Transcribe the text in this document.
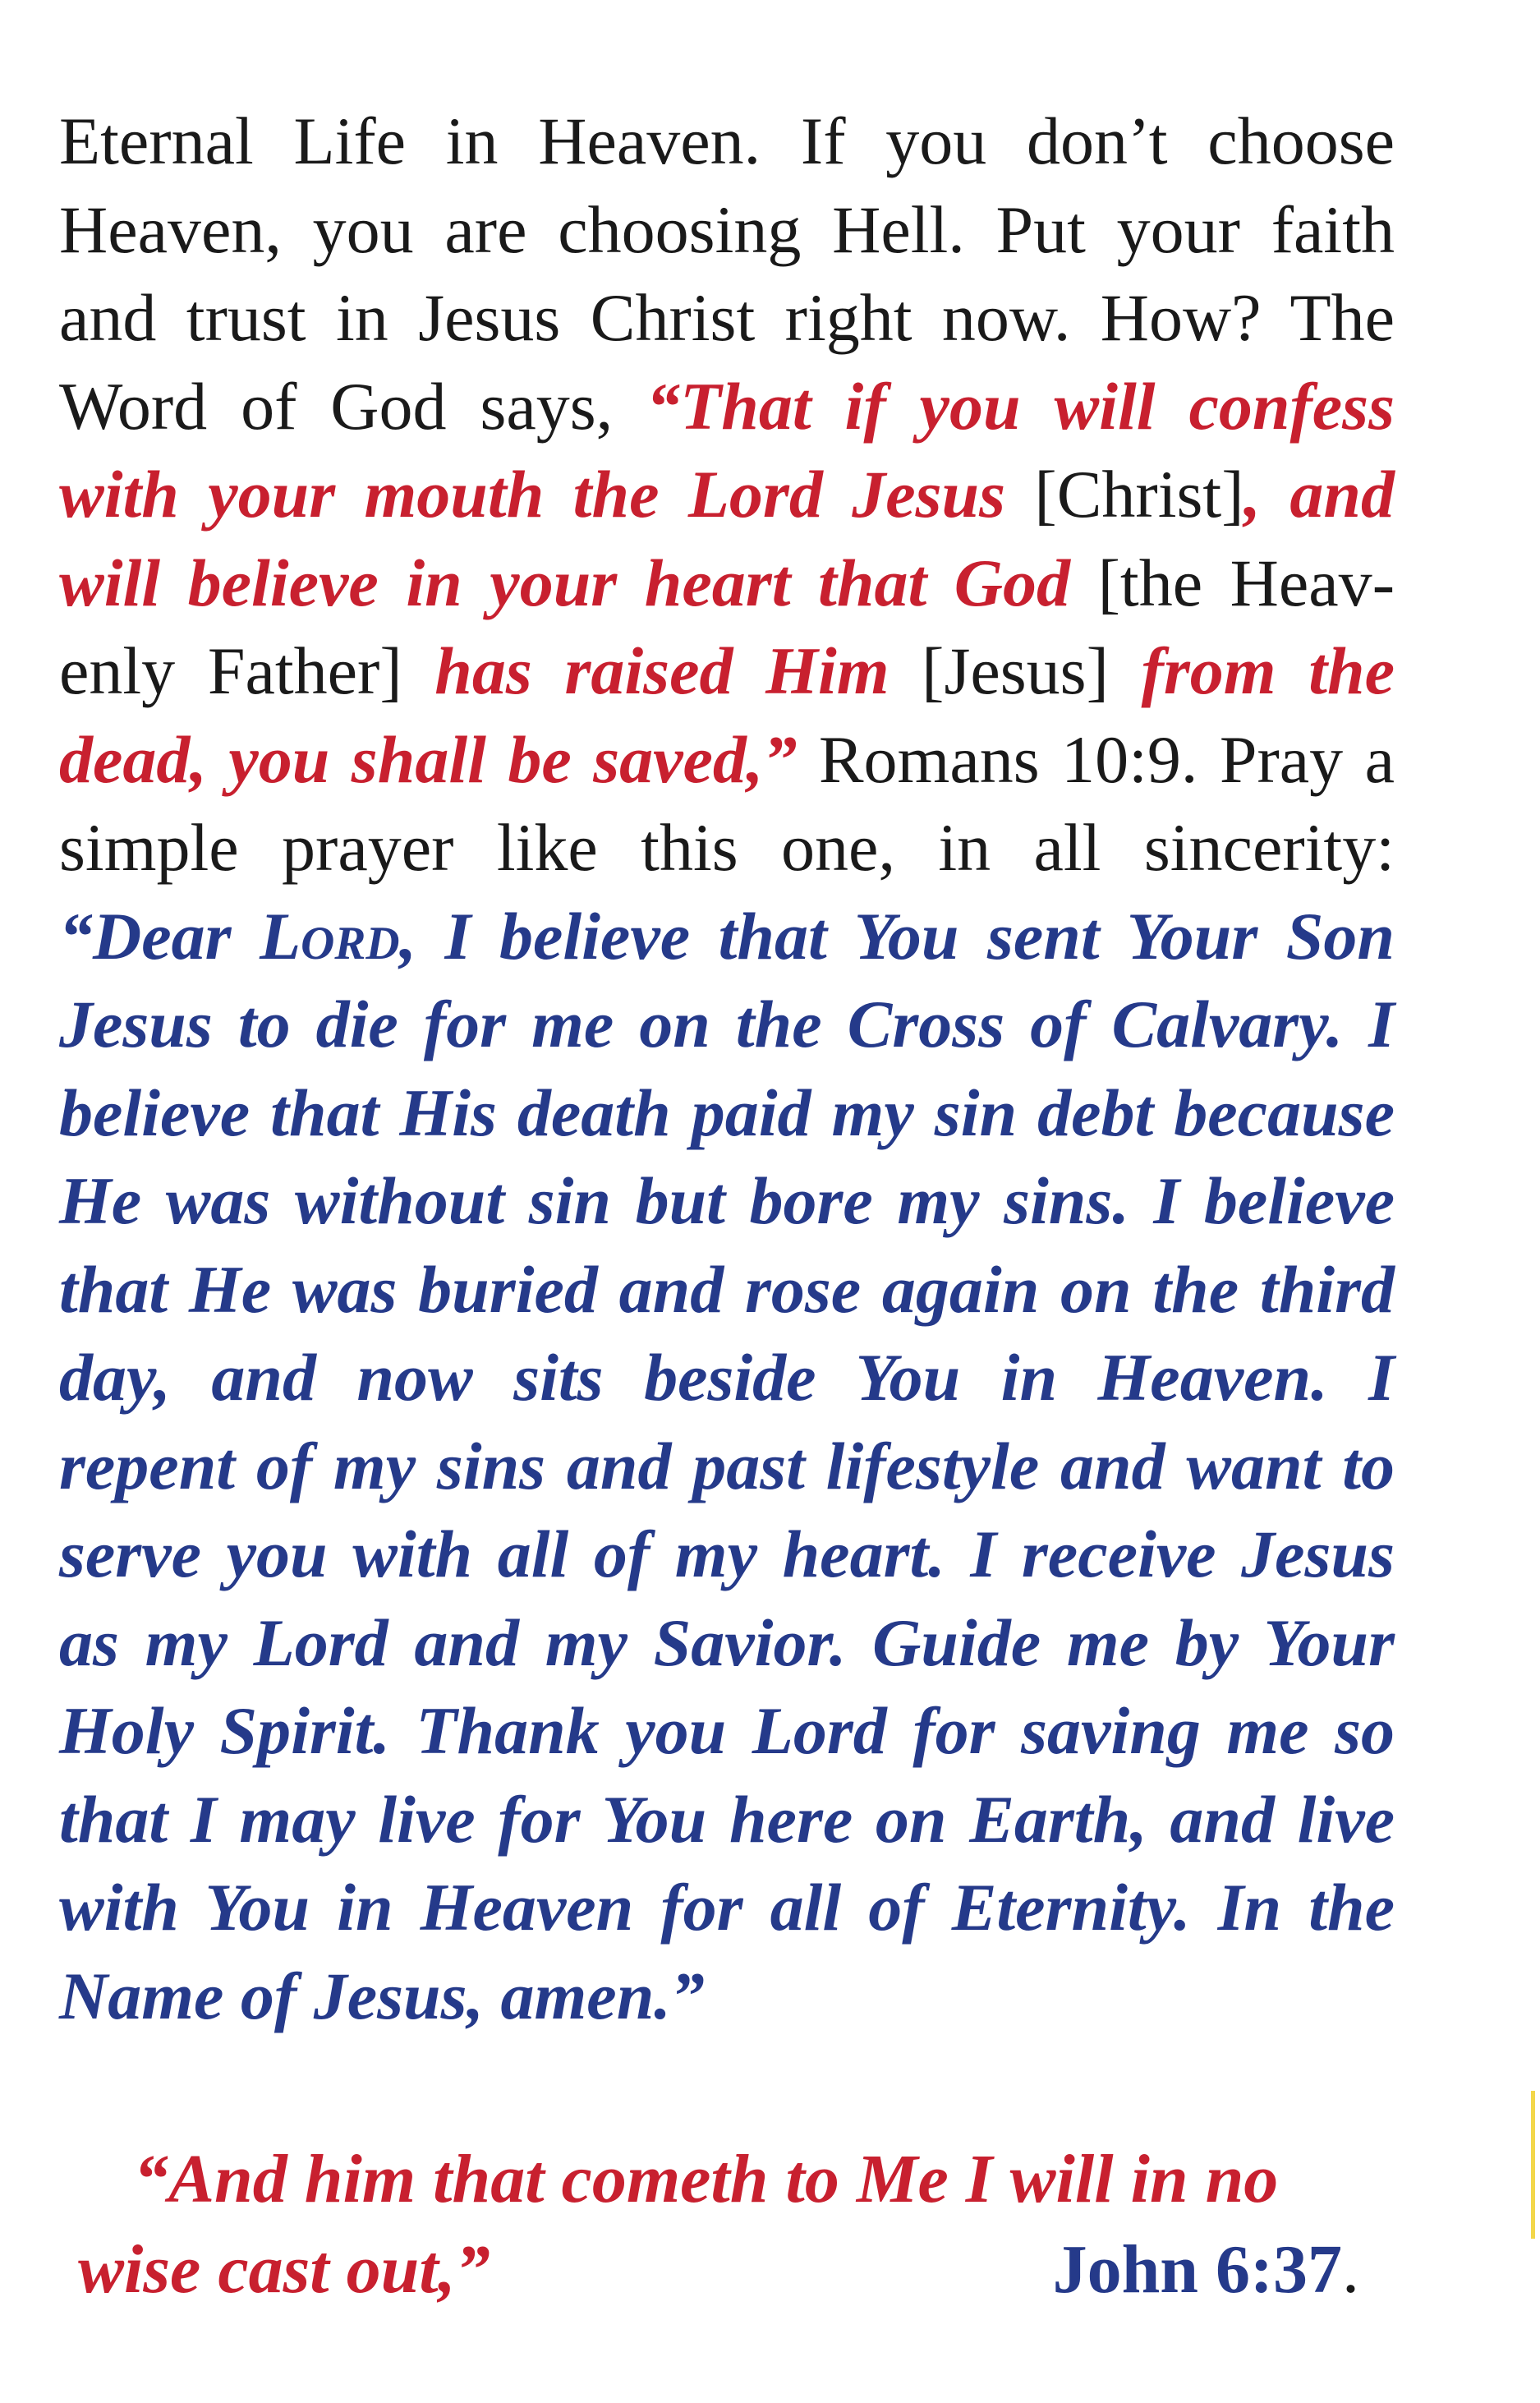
Eternal Life in Heaven. If you don’t choose Heaven, you are choosing Hell. Put your faith and trust in Jesus Christ right now. How? The Word of God says, “That if you will confess with your mouth the Lord Jesus [Christ], and will believe in your heart that God [the Heavenly Father] has raised Him [Jesus] from the dead, you shall be saved,” Romans 10:9. Pray a simple prayer like this one, in all sincerity: “Dear Lord, I believe that You sent Your Son Jesus to die for me on the Cross of Calvary. I believe that His death paid my sin debt because He was without sin but bore my sins. I believe that He was buried and rose again on the third day, and now sits beside You in Heaven. I repent of my sins and past lifestyle and want to serve you with all of my heart. I receive Jesus as my Lord and my Savior. Guide me by Your Holy Spirit. Thank you Lord for saving me so that I may live for You here on Earth, and live with You in Heaven for all of Eternity. In the Name of Jesus, amen.”

“And him that cometh to Me I will in no
wise cast out,”	John 6:37.
